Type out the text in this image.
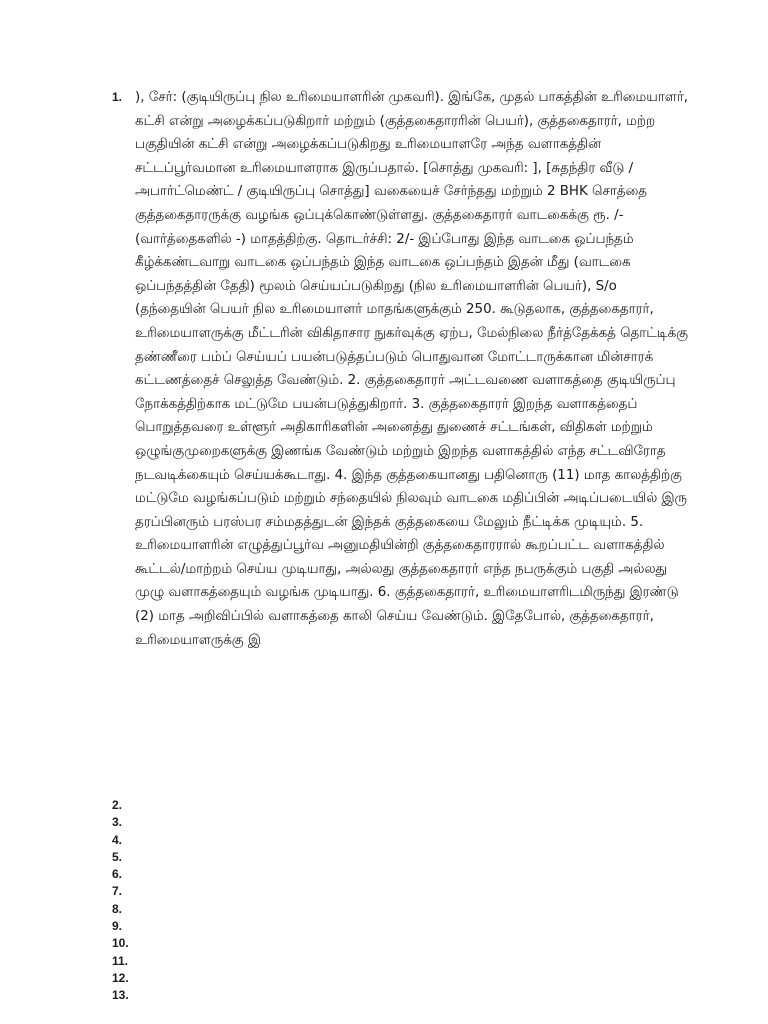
1. ), சேர்: (குடியிருப்பு நில உரிமையாளரின் முகவரி). இங்கே, முதல் பாகத்தின் உரிமையாளர், கட்சி என்று அழைக்கப்படுகிறார் மற்றும் (குத்தகைதாரரின் பெயர்), குத்தகைதாரர், மற்ற பகுதியின் கட்சி என்று அழைக்கப்படுகிறது உரிமையாளரே அந்த வளாகத்தின் சட்டப்பூர்வமான உரிமையாளராக இருப்பதால். [சொத்து முகவரி: ], [சுதந்திர வீடு / அபார்ட்மெண்ட் / குடியிருப்பு சொத்து] வகையைச் சேர்ந்தது மற்றும் 2 BHK சொத்தை குத்தகைதாரருக்கு வழங்க ஒப்புக்கொண்டுள்ளது. குத்தகைதாரர் வாடகைக்கு ரூ. /- (வார்த்தைகளில் -) மாதத்திற்கு. தொடர்ச்சி: 2/- இப்போது இந்த வாடகை ஒப்பந்தம் கீழ்க்கண்டவாறு வாடகை ஒப்பந்தம் இந்த வாடகை ஒப்பந்தம் இதன் மீது (வாடகை ஒப்பந்தத்தின் தேதி) மூலம் செய்யப்படுகிறது (நில உரிமையாளரின் பெயர்), S/o (தந்தையின் பெயர் நில உரிமையாளர் மாதங்களுக்கும் 250. கூடுதலாக, குத்தகைதாரர், உரிமையாளருக்கு மீட்டரின் விகிதாசார நுகர்வுக்கு ஏற்ப, மேல்நிலை நீர்த்தேக்கத் தொட்டிக்கு தண்ணீரை பம்ப் செய்யப் பயன்படுத்தப்படும் பொதுவான மோட்டாருக்கான மின்சாரக் கட்டணத்தைச் செலுத்த வேண்டும். 2. குத்தகைதாரர் அட்டவணை வளாகத்தை குடியிருப்பு நோக்கத்திற்காக மட்டுமே பயன்படுத்துகிறார். 3. குத்தகைதாரர் இறந்த வளாகத்தைப் பொறுத்தவரை உள்ளூர் அதிகாரிகளின் அனைத்து துணைச் சட்டங்கள், விதிகள் மற்றும் ஒழுங்குமுறைகளுக்கு இணங்க வேண்டும் மற்றும் இறந்த வளாகத்தில் எந்த சட்டவிரோத நடவடிக்கையும் செய்யக்கூடாது. 4. இந்த குத்தகையானது பதினொரு (11) மாத காலத்திற்கு மட்டுமே வழங்கப்படும் மற்றும் சந்தையில் நிலவும் வாடகை மதிப்பின் அடிப்படையில் இரு தரப்பினரும் பரஸ்பர சம்மதத்துடன் இந்தக் குத்தகையை மேலும் நீட்டிக்க முடியும். 5. உரிமையாளரின் எழுத்துப்பூர்வ அனுமதியின்றி குத்தகைதாரரால் கூறப்பட்ட வளாகத்தில் கூட்டல்/மாற்றம் செய்ய முடியாது, அல்லது குத்தகைதாரர் எந்த நபருக்கும் பகுதி அல்லது முழு வளாகத்தையும் வழங்க முடியாது. 6. குத்தகைதாரர், உரிமையாளரிடமிருந்து இரண்டு (2) மாத அறிவிப்பில் வளாகத்தை காலி செய்ய வேண்டும். இதேபோல், குத்தகைதாரர், உரிமையாளருக்கு இ
2.
3.
4.
5.
6.
7.
8.
9.
10.
11.
12.
13.
